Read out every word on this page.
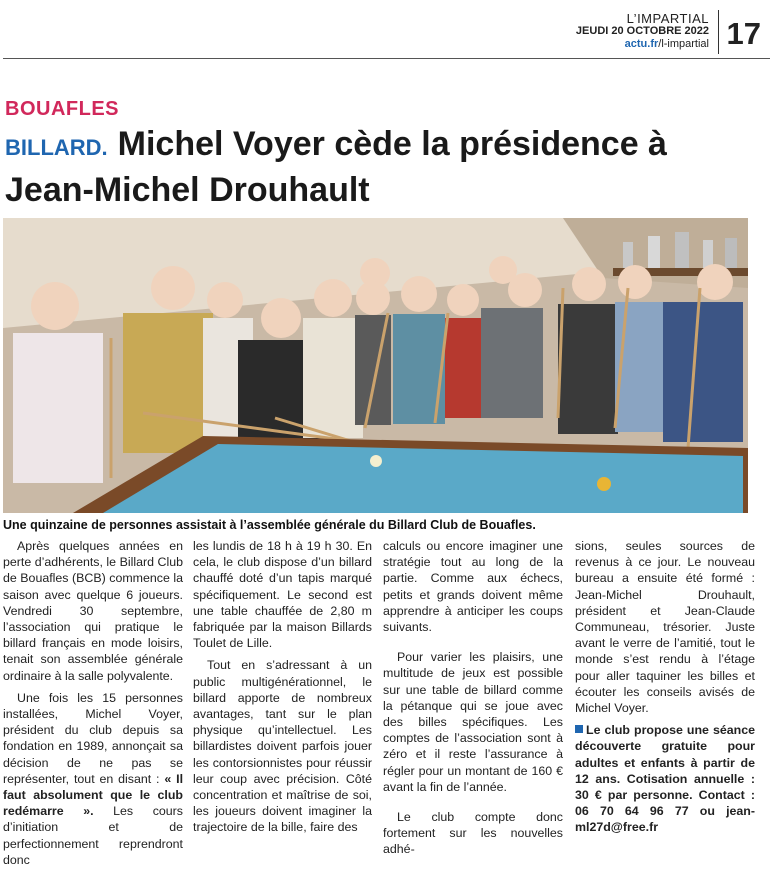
L’IMPARTIAL
JEUDI 20 OCTOBRE 2022
actu.fr/l-impartial 17
BOUAFLES
BILLARD. Michel Voyer cède la présidence à Jean-Michel Drouhault
Une quinzaine de personnes assistait à l’assemblée générale du Billard Club de Bouafles.

Après quelques années en perte d’adhérents, le Billard Club de Bouafles (BCB) commence la saison avec quelque 6 joueurs. Vendredi 30 septembre, l’association qui pratique le billard français en mode loisirs, tenait son assemblée générale ordinaire à la salle polyvalente.

Une fois les 15 personnes installées, Michel Voyer, président du club depuis sa fondation en 1989, annonçait sa décision de ne pas se représenter, tout en disant : « Il faut absolument que le club redémarre ». Les cours d’initiation et de perfectionnement reprendront donc

les lundis de 18 h à 19 h 30. En cela, le club dispose d’un billard chauffé doté d’un tapis marqué spécifiquement. Le second est une table chauffée de 2,80 m fabriquée par la maison Billards Toulet de Lille.

Tout en s’adressant à un public multigénérationnel, le billard apporte de nombreux avantages, tant sur le plan physique qu’intellectuel. Les billardistes doivent parfois jouer les contorsionnistes pour réussir leur coup avec précision. Côté concentration et maîtrise de soi, les joueurs doivent imaginer la trajectoire de la bille, faire des

calculs ou encore imaginer une stratégie tout au long de la partie. Comme aux échecs, petits et grands doivent même apprendre à anticiper les coups suivants.

Pour varier les plaisirs, une multitude de jeux est possible sur une table de billard comme la pétanque qui se joue avec des billes spécifiques. Les comptes de l’association sont à zéro et il reste l’assurance à régler pour un montant de 160 € avant la fin de l’année.

Le club compte donc fortement sur les nouvelles adhé-

sions, seules sources de revenus à ce jour. Le nouveau bureau a ensuite été formé : Jean-Michel Drouhault, président et Jean-Claude Communeau, trésorier. Juste avant le verre de l’amitié, tout le monde s’est rendu à l’étage pour aller taquiner les billes et écouter les conseils avisés de Michel Voyer.

Le club propose une séance découverte gratuite pour adultes et enfants à partir de 12 ans. Cotisation annuelle : 30 € par personne. Contact : 06 70 64 96 77 ou jean-ml27d@free.fr
